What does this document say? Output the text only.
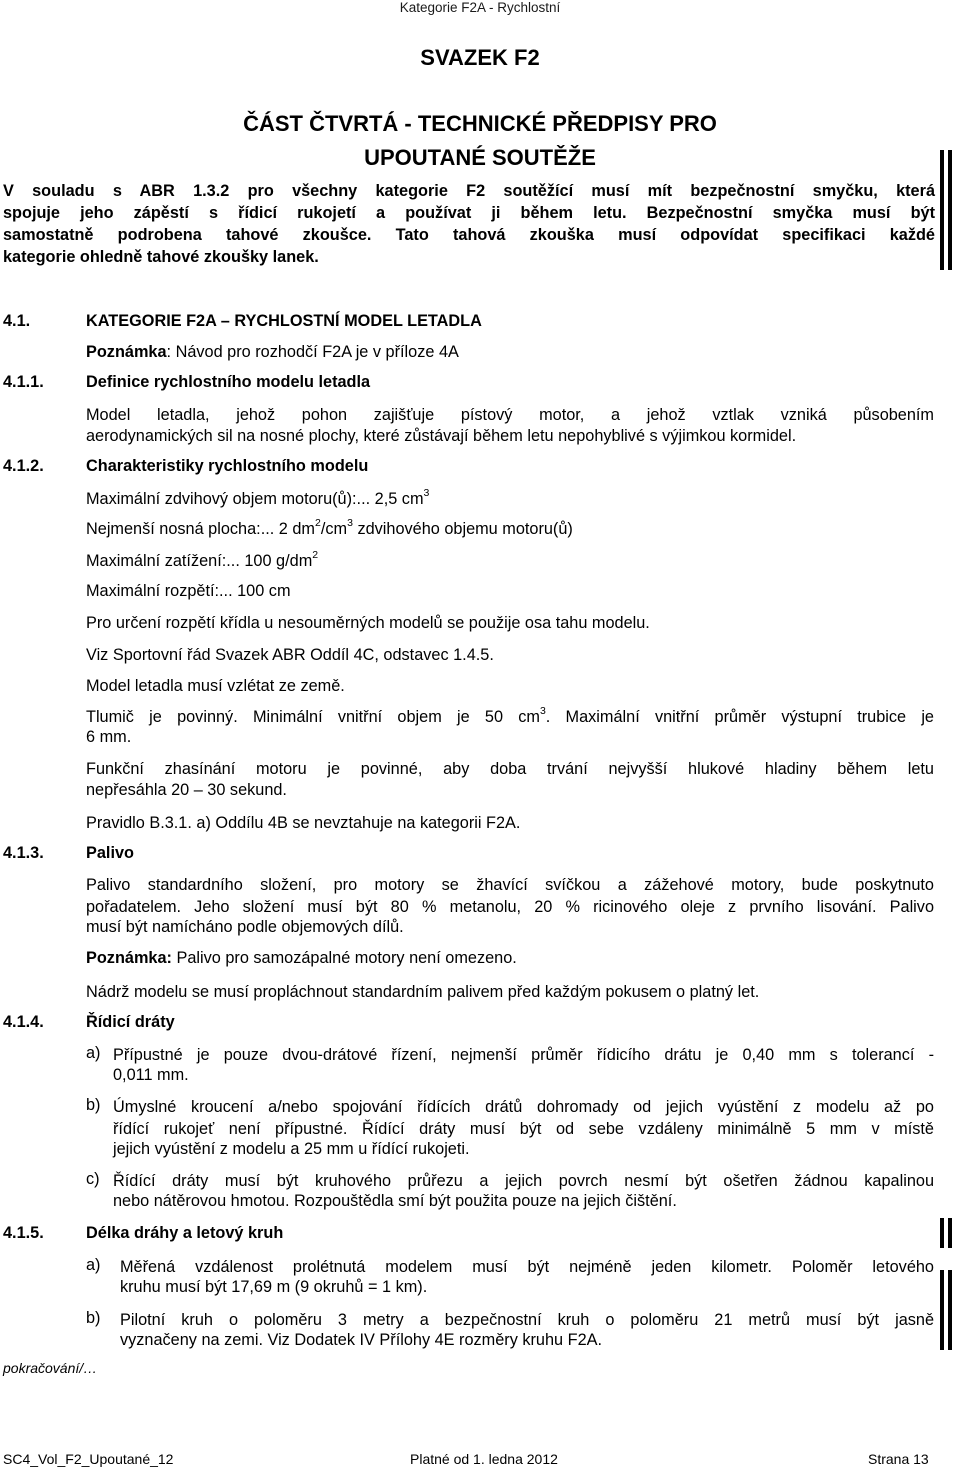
Kategorie F2A - Rychlostní
SVAZEK F2
ČÁST ČTVRTÁ - TECHNICKÉ PŘEDPISY PRO
UPOUTANÉ SOUTĚŽE
V souladu s ABR 1.3.2 pro všechny kategorie F2 soutěžící musí mít bezpečnostní smyčku, která
spojuje jeho zápěstí s řídicí rukojetí a používat ji během letu. Bezpečnostní smyčka musí být
samostatně podrobena tahové zkoušce. Tato tahová zkouška musí odpovídat specifikaci každé
kategorie ohledně tahové zkoušky lanek.
4.1.	KATEGORIE F2A – RYCHLOSTNÍ MODEL LETADLA
Poznámka: Návod pro rozhodčí F2A je v příloze 4A
4.1.1.	Definice rychlostního modelu letadla
Model letadla, jehož pohon zajišťuje pístový motor, a jehož vztlak vzniká působením
aerodynamických sil na nosné plochy, které zůstávají během letu nepohyblivé s výjimkou kormidel.
4.1.2.	Charakteristiky rychlostního modelu
Maximální zdvihový objem motoru(ů):... 2,5 $cm^3$
Nejmenší nosná plocha:... 2 $dm^2/cm^3$ zdvihového objemu motoru(ů)
Maximální zatížení:... 100 $g/dm^2$
Maximální rozpětí:... 100 cm
Pro určení rozpětí křídla u nesouměrných modelů se použije osa tahu modelu.
Viz Sportovní řád Svazek ABR Oddíl 4C, odstavec 1.4.5.
Model letadla musí vzlétat ze země.
Tlumič je povinný. Minimální vnitřní objem je 50 $cm^3$. Maximální vnitřní průměr výstupní trubice je
6 mm.
Funkční zhasínání motoru je povinné, aby doba trvání nejvyšší hlukové hladiny během letu
nepřesáhla 20 – 30 sekund.
Pravidlo B.3.1. a) Oddílu 4B se nevztahuje na kategorii F2A.
4.1.3.	Palivo
Palivo standardního složení, pro motory se žhavící svíčkou a zážehové motory, bude poskytnuto
pořadatelem. Jeho složení musí být 80 % metanolu, 20 % ricinového oleje z prvního lisování. Palivo
musí být namícháno podle objemových dílů.
Poznámka: Palivo pro samozápalné motory není omezeno.
Nádrž modelu se musí propláchnout standardním palivem před každým pokusem o platný let.
4.1.4.	Řídicí dráty
a) Přípustné je pouze dvou-drátové řízení, nejmenší průměr řídicího drátu je 0,40 mm s tolerancí -
0,011 mm.
b) Úmyslné kroucení a/nebo spojování řídících drátů dohromady od jejich vyústění z modelu až po
řídící rukojeť není přípustné. Řídící dráty musí být od sebe vzdáleny minimálně 5 mm v místě
jejich vyústění z modelu a 25 mm u řídící rukojeti.
c) Řídící dráty musí být kruhového průřezu a jejich povrch nesmí být ošetřen žádnou kapalinou
nebo nátěrovou hmotou. Rozpouštědla smí být použita pouze na jejich čištění.
4.1.5.	Délka dráhy a letový kruh
a) Měřená vzdálenost prolétnutá modelem musí být nejméně jeden kilometr. Poloměr letového
kruhu musí být 17,69 m (9 okruhů = 1 km).
b) Pilotní kruh o poloměru 3 metry a bezpečnostní kruh o poloměru 21 metrů musí být jasně
vyznačeny na zemi. Viz Dodatek IV Přílohy 4E rozměry kruhu F2A.
pokračování/…
SC4_Vol_F2_Upoutané_12	Platné od 1. ledna 2012	Strana 13
